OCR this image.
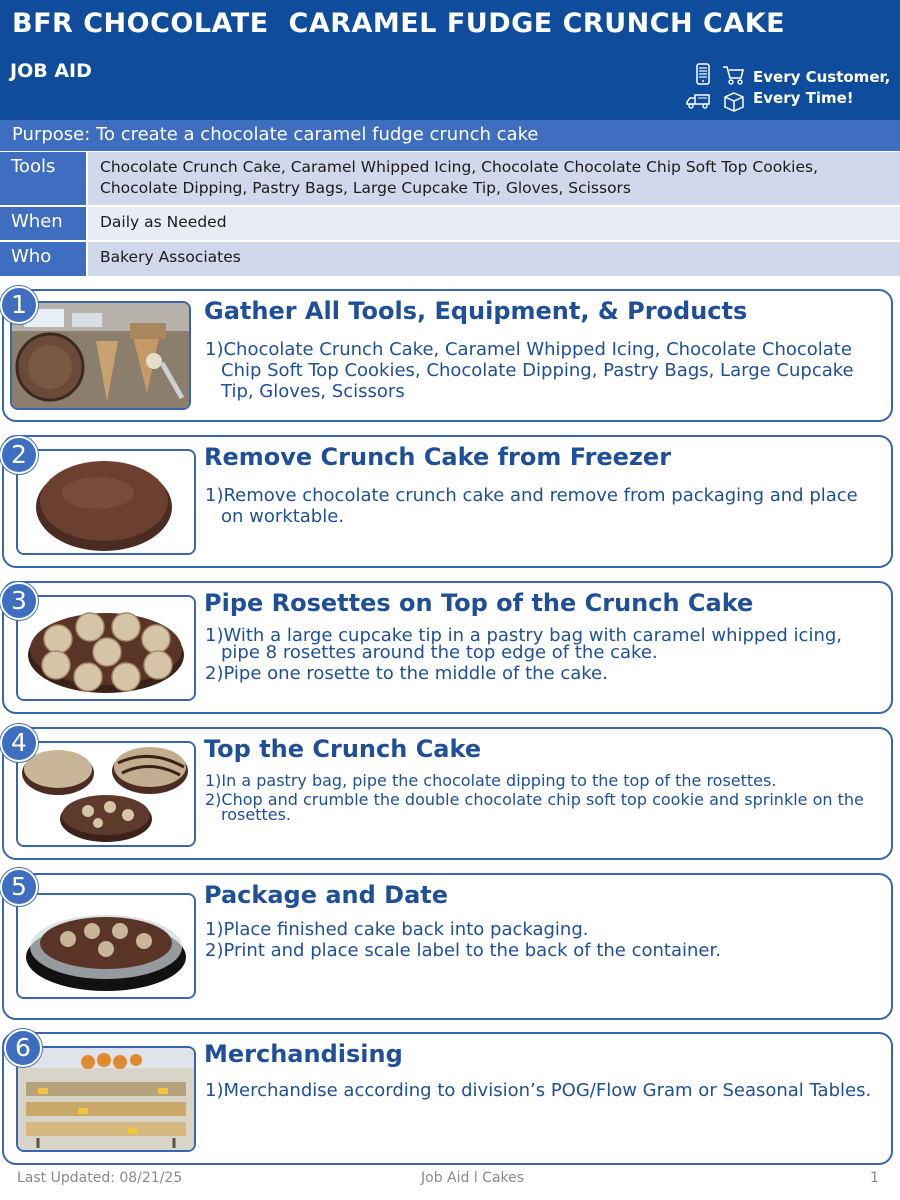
BFR CHOCOLATE  CARAMEL FUDGE CRUNCH CAKE
JOB AID	Every Customer,
Every Time!
Purpose: To create a chocolate caramel fudge crunch cake
Tools	Chocolate Crunch Cake, Caramel Whipped Icing, Chocolate Chocolate Chip Soft Top Cookies, Chocolate Dipping, Pastry Bags, Large Cupcake Tip, Gloves, Scissors
When	Daily as Needed
Who	Bakery Associates
Gather All Tools, Equipment, & Products
1)Chocolate Crunch Cake, Caramel Whipped Icing, Chocolate Chocolate Chip Soft Top Cookies, Chocolate Dipping, Pastry Bags, Large Cupcake Tip, Gloves, Scissors
1
Remove Crunch Cake from Freezer
1)Remove chocolate crunch cake and remove from packaging and place on worktable.
2
Pipe Rosettes on Top of the Crunch Cake
1)With a large cupcake tip in a pastry bag with caramel whipped icing, pipe 8 rosettes around the top edge of the cake.
2)Pipe one rosette to the middle of the cake.
3
Top the Crunch Cake
1)In a pastry bag, pipe the chocolate dipping to the top of the rosettes.
2)Chop and crumble the double chocolate chip soft top cookie and sprinkle on the rosettes.
4
Package and Date
1)Place finished cake back into packaging.
2)Print and place scale label to the back of the container.
5
Merchandising
1)Merchandise according to division’s POG/Flow Gram or Seasonal Tables.
6
Last Updated: 08/21/25	Job Aid l Cakes	1
